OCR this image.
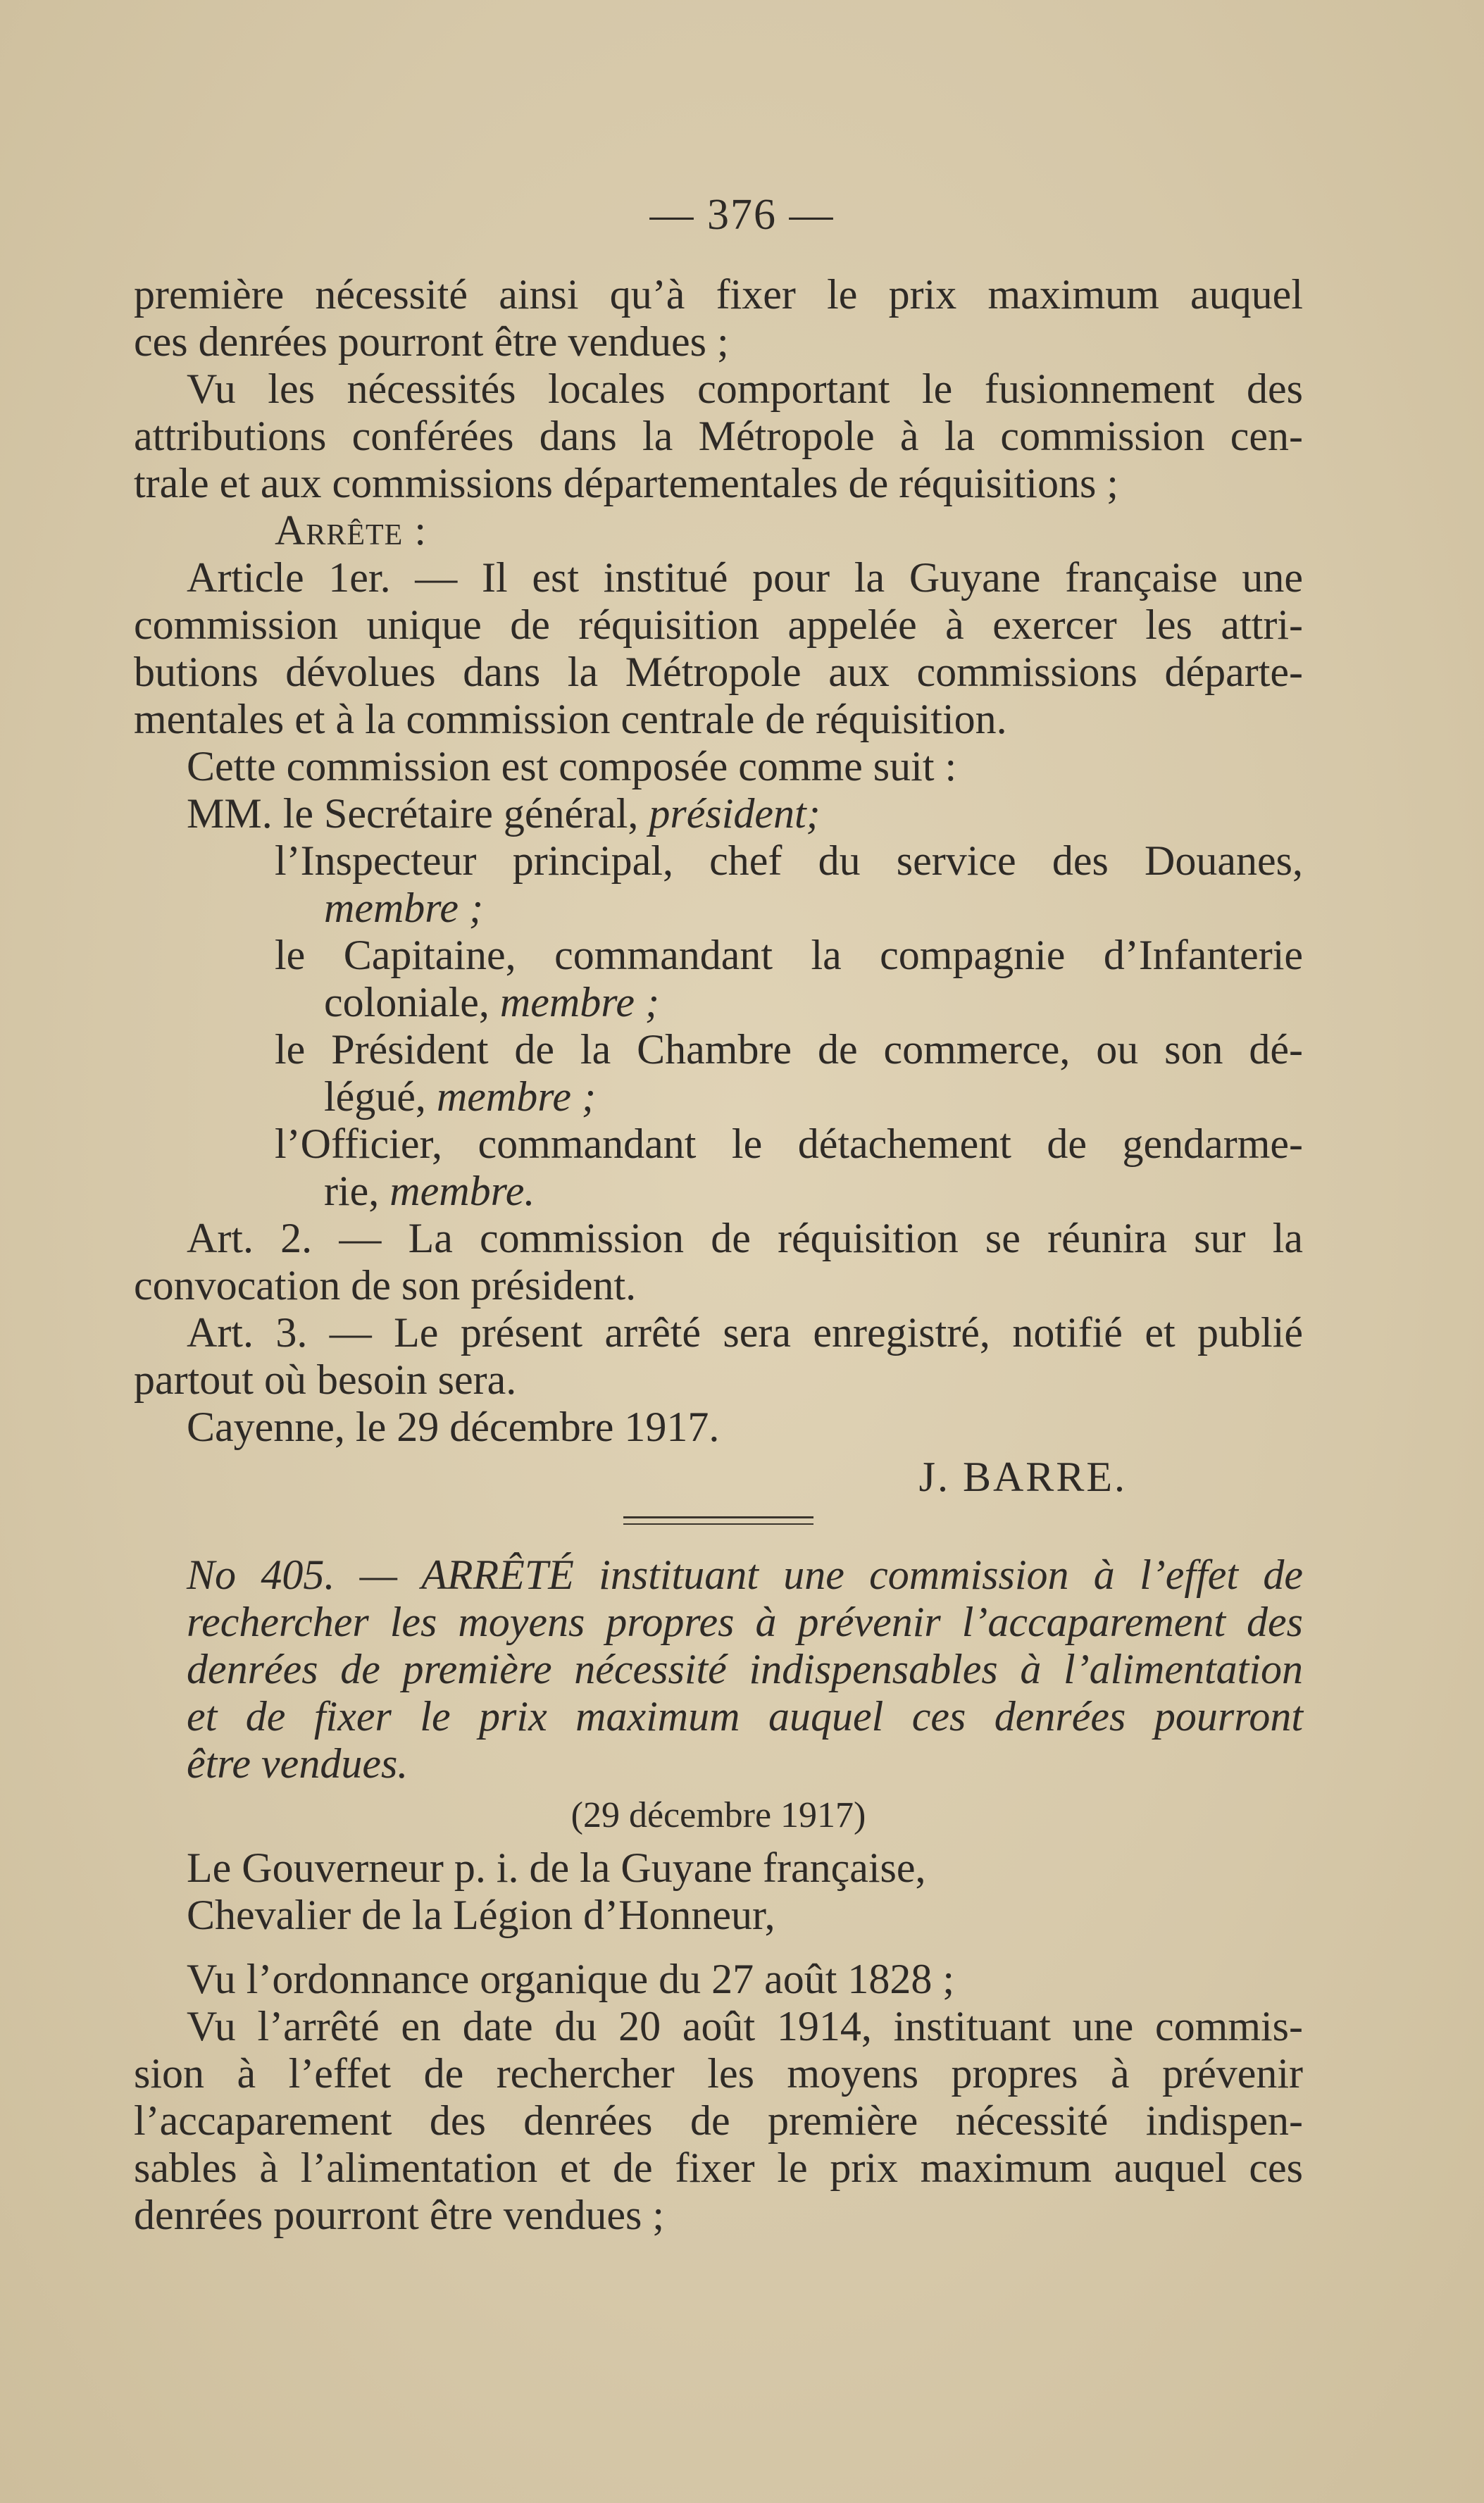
— 376 —
première nécessité ainsi qu’à fixer le prix maximum auquel
ces denrées pourront être vendues ;
Vu les nécessités locales comportant le fusionnement des
attributions conférées dans la Métropole à la commission cen-
trale et aux commissions départementales de réquisitions ;
Arrête :
Article 1er. — Il est institué pour la Guyane française une
commission unique de réquisition appelée à exercer les attri-
butions dévolues dans la Métropole aux commissions départe-
mentales et à la commission centrale de réquisition.
Cette commission est composée comme suit :
MM. le Secrétaire général, président;
l’Inspecteur principal, chef du service des Douanes,
membre ;
le Capitaine, commandant la compagnie d’Infanterie
coloniale, membre ;
le Président de la Chambre de commerce, ou son dé-
légué, membre ;
l’Officier, commandant le détachement de gendarme-
rie, membre.
Art. 2. — La commission de réquisition se réunira sur la
convocation de son président.
Art. 3. — Le présent arrêté sera enregistré, notifié et publié
partout où besoin sera.
Cayenne, le 29 décembre 1917.
J. BARRE.
No 405. — ARRÊTÉ instituant une commission à l’effet de
rechercher les moyens propres à prévenir l’accaparement des
denrées de première nécessité indispensables à l’alimentation
et de fixer le prix maximum auquel ces denrées pourront
être vendues.
(29 décembre 1917)
Le Gouverneur p. i. de la Guyane française,
Chevalier de la Légion d’Honneur,
Vu l’ordonnance organique du 27 août 1828 ;
Vu l’arrêté en date du 20 août 1914, instituant une commis-
sion à l’effet de rechercher les moyens propres à prévenir
l’accaparement des denrées de première nécessité indispen-
sables à l’alimentation et de fixer le prix maximum auquel ces
denrées pourront être vendues ;
